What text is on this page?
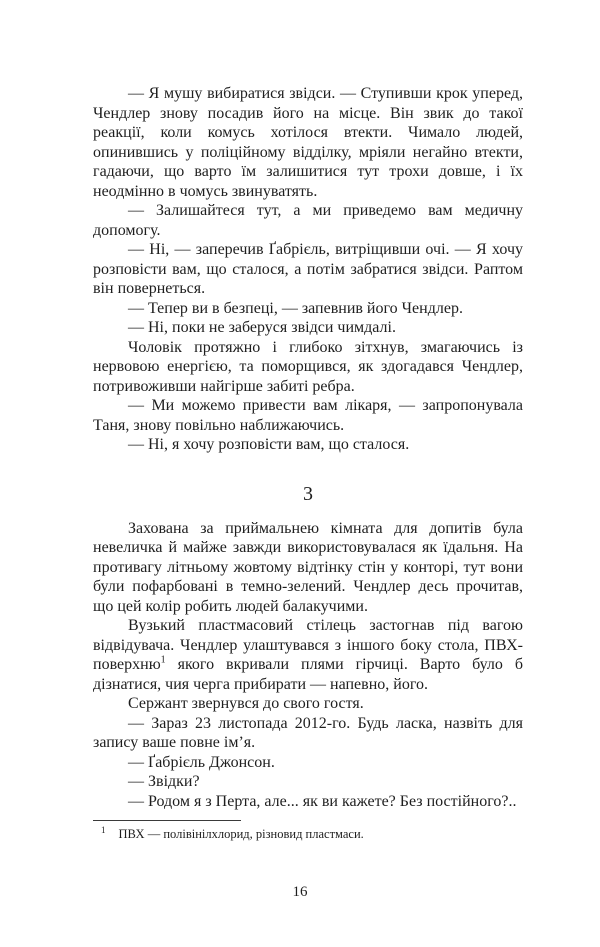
— Я мушу вибиратися звідси. — Ступивши крок уперед, Чендлер знову посадив його на місце. Він звик до такої реакції, коли комусь хотілося втекти. Чимало людей, опинившись у поліційному відділку, мріяли негайно втекти, гадаючи, що варто їм залишитися тут трохи довше, і їх неодмінно в чомусь звинуватять.

— Залишайтеся тут, а ми приведемо вам медичну допомогу.

— Ні, — заперечив Ґабрієль, витріщивши очі. — Я хочу розповісти вам, що сталося, а потім забратися звідси. Раптом він повернеться.

— Тепер ви в безпеці, — запевнив його Чендлер.

— Ні, поки не заберуся звідси чимдалі.

Чоловік протяжно і глибоко зітхнув, змагаючись із нервовою енергією, та поморщився, як здогадався Чендлер, потривоживши найгірше забиті ребра.

— Ми можемо привести вам лікаря, — запропонувала Таня, знову повільно наближаючись.

— Ні, я хочу розповісти вам, що сталося.

3

Захована за приймальнею кімната для допитів була невеличка й майже завжди використовувалася як їдальня. На противагу літньому жовтому відтінку стін у конторі, тут вони були пофарбовані в темно-зелений. Чендлер десь прочитав, що цей колір робить людей балакучими.

Вузький пластмасовий стілець застогнав під вагою відвідувача. Чендлер улаштувався з іншого боку стола, ПВХ-поверхню$^1$ якого вкривали плями гірчиці. Варто було б дізнатися, чия черга прибирати — напевно, його.

Сержант звернувся до свого гостя.

— Зараз 23 листопада 2012-го. Будь ласка, назвіть для запису ваше повне ім’я.

— Ґабрієль Джонсон.

— Звідки?

— Родом я з Перта, але... як ви кажете? Без постійного?..

$^1$ ПВХ — полівінілхлорид, різновид пластмаси.

16
